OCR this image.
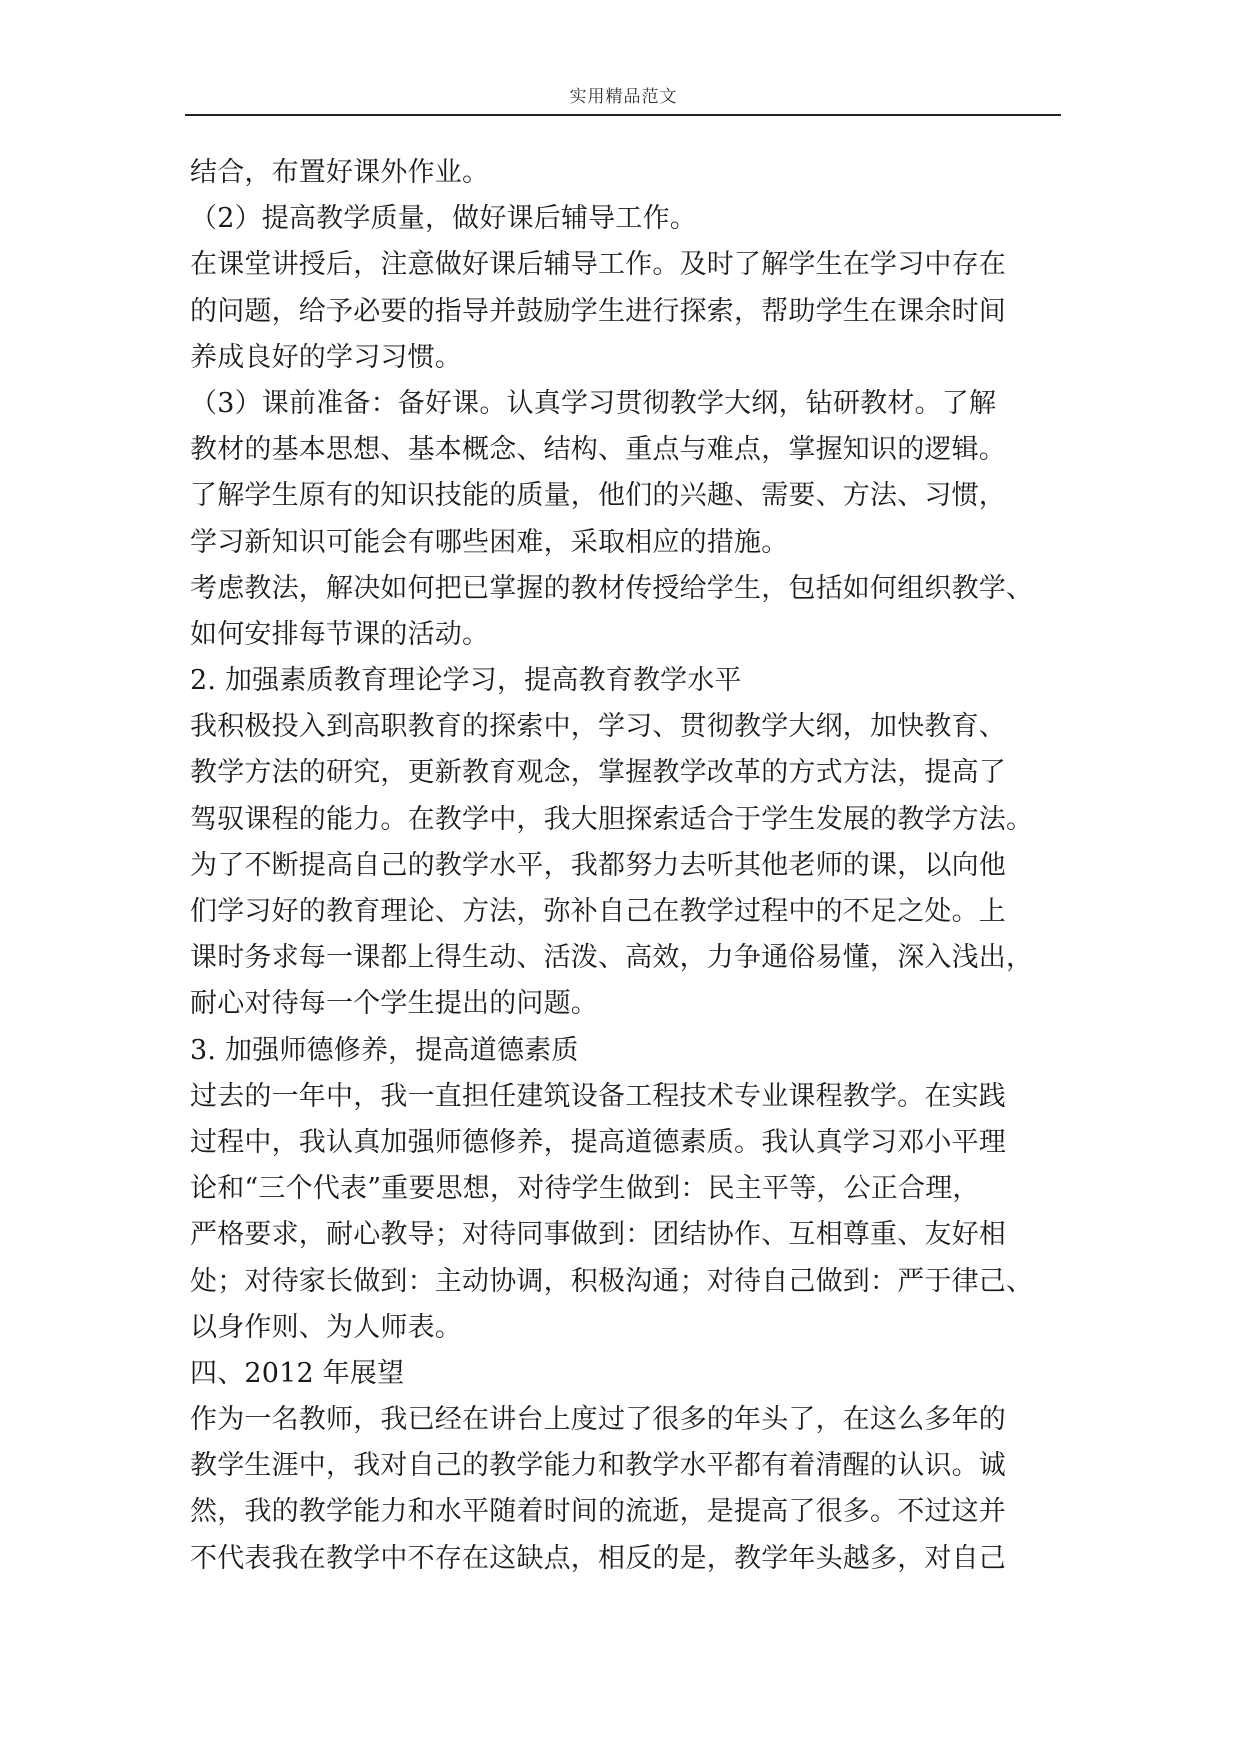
实用精品范文
结合，布置好课外作业。
（2）提高教学质量，做好课后辅导工作。
在课堂讲授后，注意做好课后辅导工作。及时了解学生在学习中存在
的问题，给予必要的指导并鼓励学生进行探索，帮助学生在课余时间
养成良好的学习习惯。
（3）课前准备：备好课。认真学习贯彻教学大纲，钻研教材。了解
教材的基本思想、基本概念、结构、重点与难点，掌握知识的逻辑。
了解学生原有的知识技能的质量，他们的兴趣、需要、方法、习惯，
学习新知识可能会有哪些困难，采取相应的措施。
考虑教法，解决如何把已掌握的教材传授给学生，包括如何组织教学、
如何安排每节课的活动。
2. 加强素质教育理论学习，提高教育教学水平
我积极投入到高职教育的探索中，学习、贯彻教学大纲，加快教育、
教学方法的研究，更新教育观念，掌握教学改革的方式方法，提高了
驾驭课程的能力。在教学中，我大胆探索适合于学生发展的教学方法。
为了不断提高自己的教学水平，我都努力去听其他老师的课，以向他
们学习好的教育理论、方法，弥补自己在教学过程中的不足之处。上
课时务求每一课都上得生动、活泼、高效，力争通俗易懂，深入浅出，
耐心对待每一个学生提出的问题。
3. 加强师德修养，提高道德素质
过去的一年中，我一直担任建筑设备工程技术专业课程教学。在实践
过程中，我认真加强师德修养，提高道德素质。我认真学习邓小平理
论和“三个代表”重要思想，对待学生做到：民主平等，公正合理，
严格要求，耐心教导；对待同事做到：团结协作、互相尊重、友好相
处；对待家长做到：主动协调，积极沟通；对待自己做到：严于律己、
以身作则、为人师表。
四、2012 年展望
作为一名教师，我已经在讲台上度过了很多的年头了，在这么多年的
教学生涯中，我对自己的教学能力和教学水平都有着清醒的认识。诚
然，我的教学能力和水平随着时间的流逝，是提高了很多。不过这并
不代表我在教学中不存在这缺点，相反的是，教学年头越多，对自己
